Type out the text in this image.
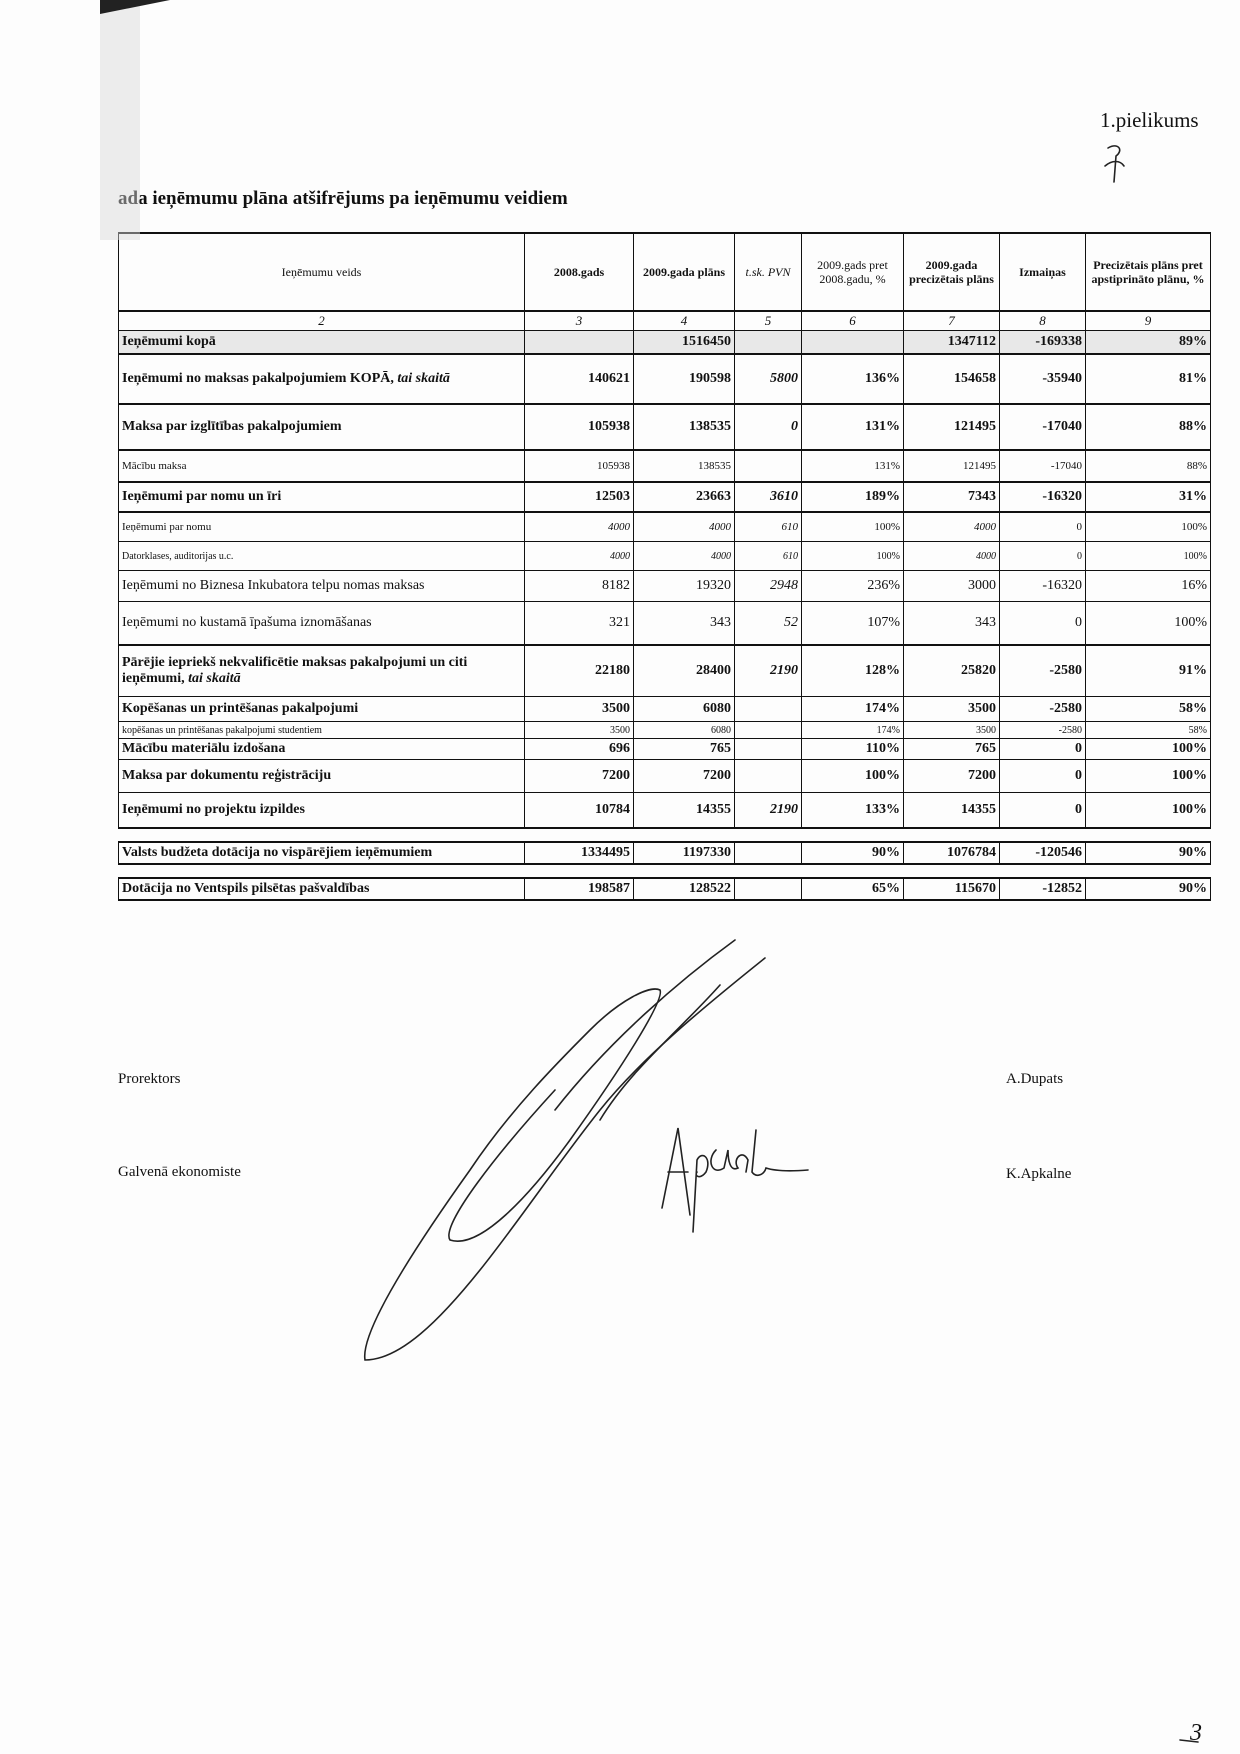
1.pielikums
ada ieņēmumu plāna atšifrējums pa ieņēmumu veidiem
Ieņēmumu veids	2008.gads	2009.gada plāns	t.sk. PVN	2009.gads pret 2008.gadu, %	2009.gada precizētais plāns	Izmaiņas	Precizētais plāns pret apstiprināto plānu, %
2	3	4	5	6	7	8	9
Ieņēmumi kopā		1516450			1347112	-169338	89%
Ieņēmumi no maksas pakalpojumiem KOPĀ, tai skaitā	140621	190598	5800	136%	154658	-35940	81%
Maksa par izglītības pakalpojumiem	105938	138535	0	131%	121495	-17040	88%
Mācību maksa	105938	138535		131%	121495	-17040	88%
Ieņēmumi par nomu un īri	12503	23663	3610	189%	7343	-16320	31%
Ieņēmumi par nomu	4000	4000	610	100%	4000	0	100%
Datorklases, auditorijas u.c.	4000	4000	610	100%	4000	0	100%
Ieņēmumi no Biznesa Inkubatora telpu nomas maksas	8182	19320	2948	236%	3000	-16320	16%
Ieņēmumi no kustamā īpašuma iznomāšanas	321	343	52	107%	343	0	100%
Pārējie iepriekš nekvalificētie maksas pakalpojumi un citi ieņēmumi, tai skaitā	22180	28400	2190	128%	25820	-2580	91%
Kopēšanas un printēšanas pakalpojumi	3500	6080		174%	3500	-2580	58%
kopēšanas un printēšanas pakalpojumi studentiem	3500	6080		174%	3500	-2580	58%
Mācību materiālu izdošana	696	765		110%	765	0	100%
Maksa par dokumentu reģistrāciju	7200	7200		100%	7200	0	100%
Ieņēmumi no projektu izpildes	10784	14355	2190	133%	14355	0	100%

Valsts budžeta dotācija no vispārējiem ieņēmumiem	1334495	1197330		90%	1076784	-120546	90%

Dotācija no Ventspils pilsētas pašvaldības	198587	128522		65%	115670	-12852	90%
Prorektors	A.Dupats
Galvenā ekonomiste	K.Apkalne
3
